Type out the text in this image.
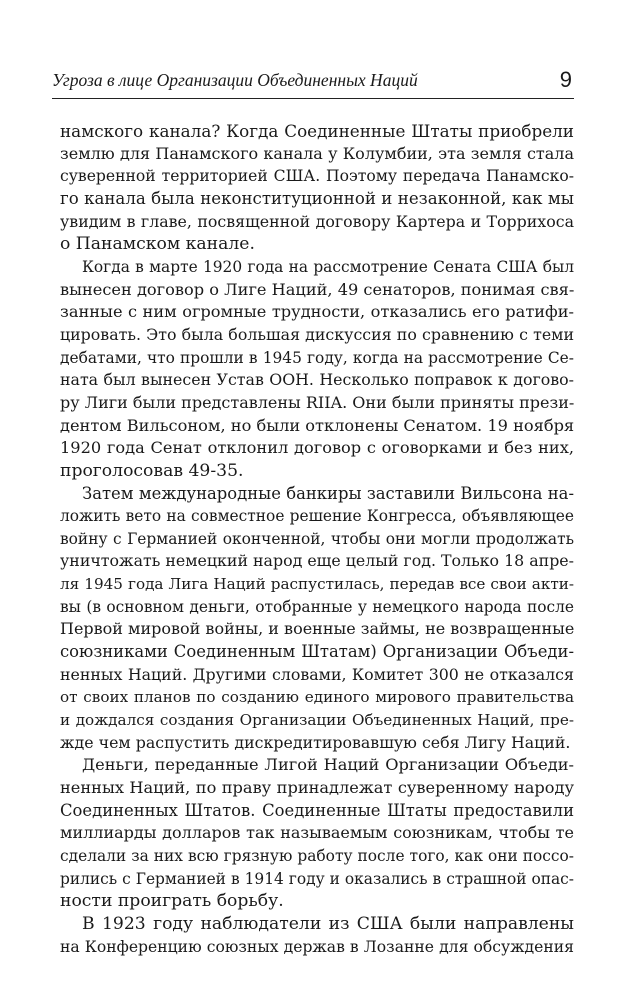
Угроза в лице Организации Объединенных Наций	9
намского канала? Когда Соединенные Штаты приобрели
землю для Панамского канала у Колумбии, эта земля стала
суверенной территорией США. Поэтому передача Панамско-
го канала была неконституционной и незаконной, как мы
увидим в главе, посвященной договору Картера и Торрихоса
о Панамском канале.
Когда в марте 1920 года на рассмотрение Сената США был
вынесен договор о Лиге Наций, 49 сенаторов, понимая свя-
занные с ним огромные трудности, отказались его ратифи-
цировать. Это была большая дискуссия по сравнению с теми
дебатами, что прошли в 1945 году, когда на рассмотрение Се-
ната был вынесен Устав ООН. Несколько поправок к догово-
ру Лиги были представлены RIIA. Они были приняты прези-
дентом Вильсоном, но были отклонены Сенатом. 19 ноября
1920 года Сенат отклонил договор с оговорками и без них,
проголосовав 49-35.
Затем международные банкиры заставили Вильсона на-
ложить вето на совместное решение Конгресса, объявляющее
войну с Германией оконченной, чтобы они могли продолжать
уничтожать немецкий народ еще целый год. Только 18 апре-
ля 1945 года Лига Наций распустилась, передав все свои акти-
вы (в основном деньги, отобранные у немецкого народа после
Первой мировой войны, и военные займы, не возвращенные
союзниками Соединенным Штатам) Организации Объеди-
ненных Наций. Другими словами, Комитет 300 не отказался
от своих планов по созданию единого мирового правительства
и дождался создания Организации Объединенных Наций, пре-
жде чем распустить дискредитировавшую себя Лигу Наций.
Деньги, переданные Лигой Наций Организации Объеди-
ненных Наций, по праву принадлежат суверенному народу
Соединенных Штатов. Соединенные Штаты предоставили
миллиарды долларов так называемым союзникам, чтобы те
сделали за них всю грязную работу после того, как они поссо-
рились с Германией в 1914 году и оказались в страшной опас-
ности проиграть борьбу.
В 1923 году наблюдатели из США были направлены
на Конференцию союзных держав в Лозанне для обсуждения
